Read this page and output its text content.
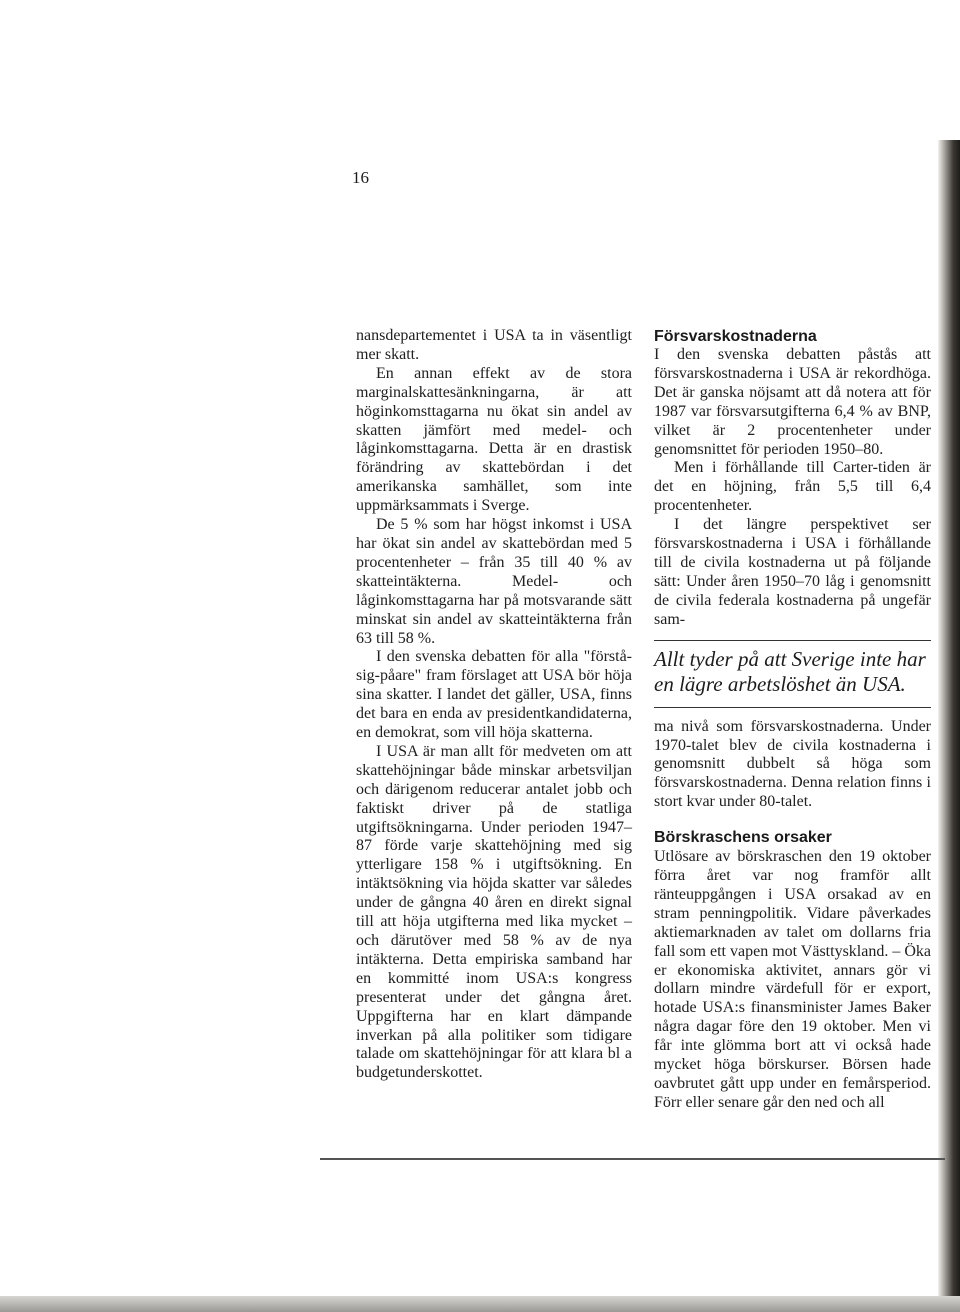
16

nansdepartementet i USA ta in väsentligt mer skatt.

En annan effekt av de stora marginalskattesänkningarna, är att höginkomsttagarna nu ökat sin andel av skatten jämfört med medel- och låginkomsttagarna. Detta är en drastisk förändring av skattebördan i det amerikanska samhället, som inte uppmärksammats i Sverge.

De 5 % som har högst inkomst i USA har ökat sin andel av skattebördan med 5 procentenheter – från 35 till 40 % av skatteintäkterna. Medel- och låginkomsttagarna har på motsvarande sätt minskat sin andel av skatteintäkterna från 63 till 58 %.

I den svenska debatten för alla "förstå-sig-påare" fram förslaget att USA bör höja sina skatter. I landet det gäller, USA, finns det bara en enda av presidentkandidaterna, en demokrat, som vill höja skatterna.

I USA är man allt för medveten om att skattehöjningar både minskar arbetsviljan och därigenom reducerar antalet jobb och faktiskt driver på de statliga utgiftsökningarna. Under perioden 1947–87 förde varje skattehöjning med sig ytterligare 158 % i utgiftsökning. En intäktsökning via höjda skatter var således under de gångna 40 åren en direkt signal till att höja utgifterna med lika mycket – och därutöver med 58 % av de nya intäkterna. Detta empiriska samband har en kommitté inom USA:s kongress presenterat under det gångna året. Uppgifterna har en klart dämpande inverkan på alla politiker som tidigare talade om skattehöjningar för att klara bl a budgetunderskottet.

Försvarskostnaderna

I den svenska debatten påstås att försvarskostnaderna i USA är rekordhöga. Det är ganska nöjsamt att då notera att för 1987 var försvarsutgifterna 6,4 % av BNP, vilket är 2 procentenheter under genomsnittet för perioden 1950–80.

Men i förhållande till Carter-tiden är det en höjning, från 5,5 till 6,4 procentenheter.

I det längre perspektivet ser försvarskostnaderna i USA i förhållande till de civila kostnaderna ut på följande sätt: Under åren 1950–70 låg i genomsnitt de civila federala kostnaderna på ungefär sam-

Allt tyder på att Sverige inte har en lägre arbetslöshet än USA.

ma nivå som försvarskostnaderna. Under 1970-talet blev de civila kostnaderna i genomsnitt dubbelt så höga som försvarskostnaderna. Denna relation finns i stort kvar under 80-talet.

Börskraschens orsaker

Utlösare av börskraschen den 19 oktober förra året var nog framför allt ränteuppgången i USA orsakad av en stram penningpolitik. Vidare påverkades aktiemarknaden av talet om dollarns fria fall som ett vapen mot Västtyskland. – Öka er ekonomiska aktivitet, annars gör vi dollarn mindre värdefull för er export, hotade USA:s finansminister James Baker några dagar före den 19 oktober. Men vi får inte glömma bort att vi också hade mycket höga börskurser. Börsen hade oavbrutet gått upp under en femårsperiod. Förr eller senare går den ned och all
